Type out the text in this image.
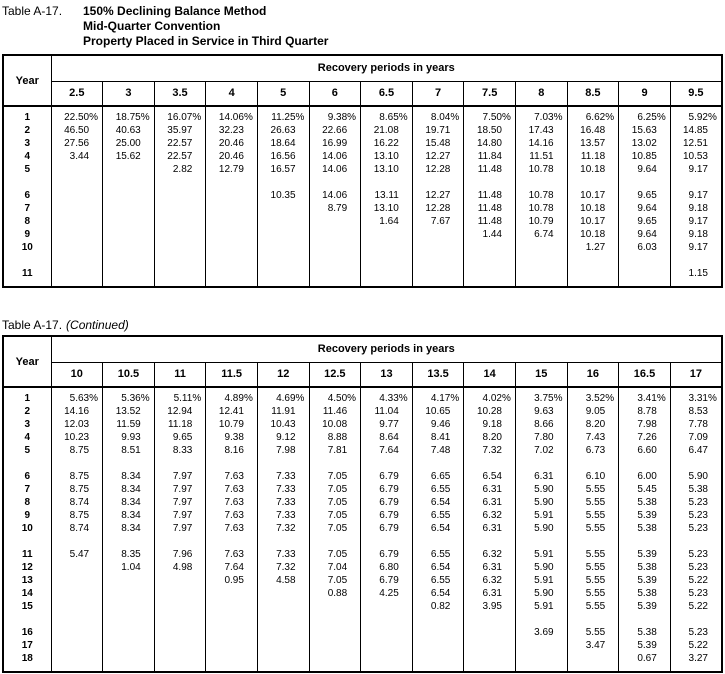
Table A-17.	150% Declining Balance Method
Mid-Quarter Convention
Property Placed in Service in Third Quarter
Year	Recovery periods in years												
	2.5	3	3.5	4	5	6	6.5	7	7.5	8	8.5	9	9.5
1	22.50%	18.75%	16.07%	14.06%	11.25%	9.38%	8.65%	8.04%	7.50%	7.03%	6.62%	6.25%	5.92%
2	46.50	40.63	35.97	32.23	26.63	22.66	21.08	19.71	18.50	17.43	16.48	15.63	14.85
3	27.56	25.00	22.57	20.46	18.64	16.99	16.22	15.48	14.80	14.16	13.57	13.02	12.51
4	3.44	15.62	22.57	20.46	16.56	14.06	13.10	12.27	11.84	11.51	11.18	10.85	10.53
5			2.82	12.79	16.57	14.06	13.10	12.28	11.48	10.78	10.18	9.64	9.17

6					10.35	14.06	13.11	12.27	11.48	10.78	10.17	9.65	9.17
7						8.79	13.10	12.28	11.48	10.78	10.18	9.64	9.18
8							1.64	7.67	11.48	10.79	10.17	9.65	9.17
9									1.44	6.74	10.18	9.64	9.18
10											1.27	6.03	9.17

11													1.15
Table A-17. (Continued)
Year	Recovery periods in years												
	10	10.5	11	11.5	12	12.5	13	13.5	14	15	16	16.5	17
1	5.63%	5.36%	5.11%	4.89%	4.69%	4.50%	4.33%	4.17%	4.02%	3.75%	3.52%	3.41%	3.31%
2	14.16	13.52	12.94	12.41	11.91	11.46	11.04	10.65	10.28	9.63	9.05	8.78	8.53
3	12.03	11.59	11.18	10.79	10.43	10.08	9.77	9.46	9.18	8.66	8.20	7.98	7.78
4	10.23	9.93	9.65	9.38	9.12	8.88	8.64	8.41	8.20	7.80	7.43	7.26	7.09
5	8.75	8.51	8.33	8.16	7.98	7.81	7.64	7.48	7.32	7.02	6.73	6.60	6.47

6	8.75	8.34	7.97	7.63	7.33	7.05	6.79	6.65	6.54	6.31	6.10	6.00	5.90
7	8.75	8.34	7.97	7.63	7.33	7.05	6.79	6.55	6.31	5.90	5.55	5.45	5.38
8	8.74	8.34	7.97	7.63	7.33	7.05	6.79	6.54	6.31	5.90	5.55	5.38	5.23
9	8.75	8.34	7.97	7.63	7.33	7.05	6.79	6.55	6.32	5.91	5.55	5.39	5.23
10	8.74	8.34	7.97	7.63	7.32	7.05	6.79	6.54	6.31	5.90	5.55	5.38	5.23

11	5.47	8.35	7.96	7.63	7.33	7.05	6.79	6.55	6.32	5.91	5.55	5.39	5.23
12		1.04	4.98	7.64	7.32	7.04	6.80	6.54	6.31	5.90	5.55	5.38	5.23
13				0.95	4.58	7.05	6.79	6.55	6.32	5.91	5.55	5.39	5.22
14						0.88	4.25	6.54	6.31	5.90	5.55	5.38	5.23
15								0.82	3.95	5.91	5.55	5.39	5.22

16										3.69	5.55	5.38	5.23
17											3.47	5.39	5.22
18												0.67	3.27
